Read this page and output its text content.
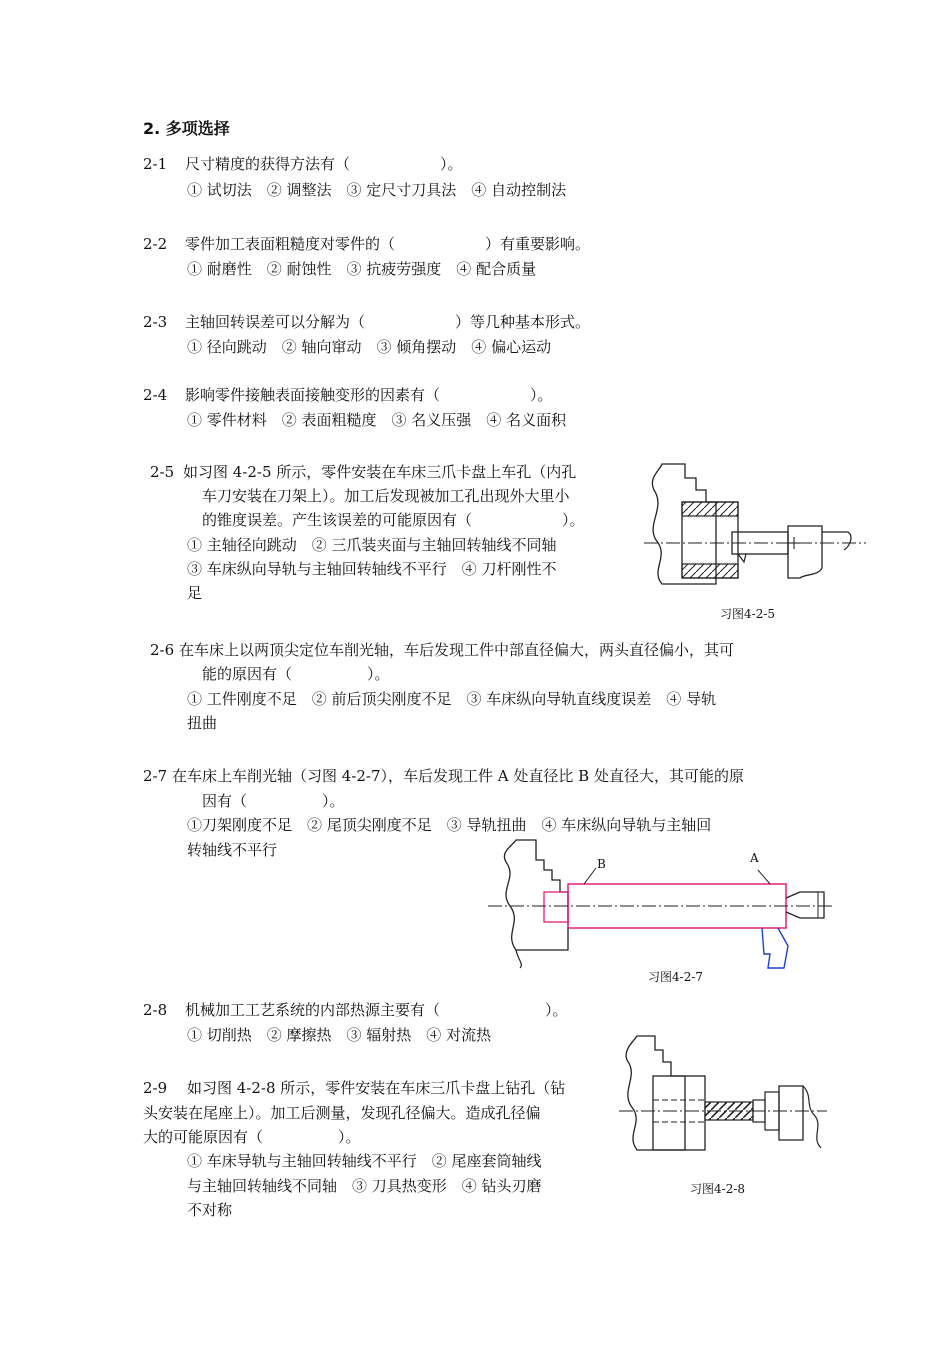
2. 多项选择
2-1 尺寸精度的获得方法有（　　　　　　）。
① 试切法　② 调整法　③ 定尺寸刀具法　④ 自动控制法
2-2 零件加工表面粗糙度对零件的（　　　　　　）有重要影响。
① 耐磨性　② 耐蚀性　③ 抗疲劳强度　④ 配合质量
2-3 主轴回转误差可以分解为（　　　　　　）等几种基本形式。
① 径向跳动　② 轴向窜动　③ 倾角摆动　④ 偏心运动
2-4 影响零件接触表面接触变形的因素有（　　　　　　）。
① 零件材料　② 表面粗糙度　③ 名义压强　④ 名义面积
2-5 如习图 4-2-5 所示，零件安装在车床三爪卡盘上车孔（内孔
车刀安装在刀架上）。加工后发现被加工孔出现外大里小
的锥度误差。产生该误差的可能原因有（　　　　　　）。
① 主轴径向跳动　② 三爪装夹面与主轴回转轴线不同轴
③ 车床纵向导轨与主轴回转轴线不平行　④ 刀杆刚性不
足
习图4-2-5
2-6 在车床上以两顶尖定位车削光轴，车后发现工件中部直径偏大，两头直径偏小，其可
能的原因有（　　　　　）。
① 工件刚度不足　② 前后顶尖刚度不足　③ 车床纵向导轨直线度误差　④ 导轨
扭曲
2-7 在车床上车削光轴（习图 4-2-7），车后发现工件 A 处直径比 B 处直径大，其可能的原
因有（　　　　　）。
①刀架刚度不足　② 尾顶尖刚度不足　③ 导轨扭曲　④ 车床纵向导轨与主轴回
转轴线不平行
B	A
习图4-2-7
2-8 机械加工工艺系统的内部热源主要有（　　　　　　　）。
① 切削热　② 摩擦热　③ 辐射热　④ 对流热
2-9 如习图 4-2-8 所示，零件安装在车床三爪卡盘上钻孔（钻
头安装在尾座上）。加工后测量，发现孔径偏大。造成孔径偏
大的可能原因有（　　　　　）。
① 车床导轨与主轴回转轴线不平行　② 尾座套筒轴线
与主轴回转轴线不同轴　③ 刀具热变形　④ 钻头刃磨
不对称
习图4-2-8
